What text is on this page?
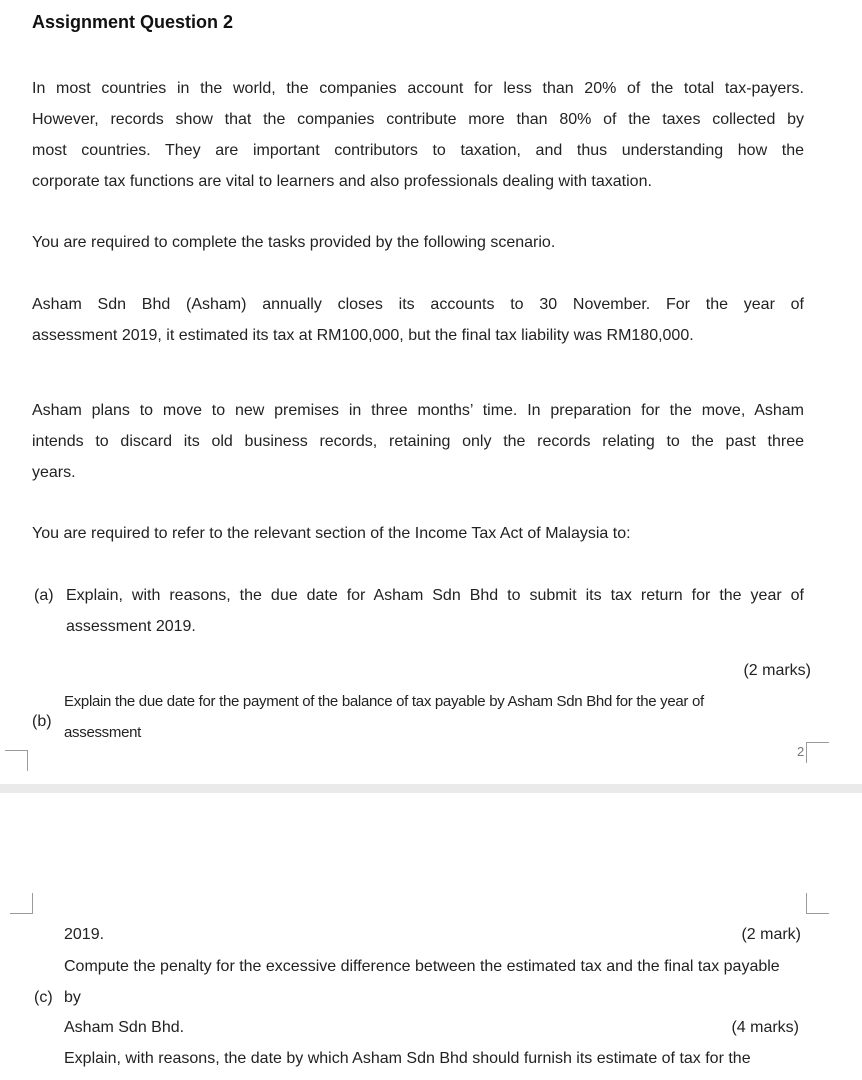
Assignment Question 2
In most countries in the world, the companies account for less than 20% of the total tax-payers.
However, records show that the companies contribute more than 80% of the taxes collected by
most countries. They are important contributors to taxation, and thus understanding how the
corporate tax functions are vital to learners and also professionals dealing with taxation.
You are required to complete the tasks provided by the following scenario.
Asham Sdn Bhd (Asham) annually closes its accounts to 30 November. For the year of
assessment 2019, it estimated its tax at RM100,000, but the final tax liability was RM180,000.
Asham plans to move to new premises in three months’ time. In preparation for the move, Asham
intends to discard its old business records, retaining only the records relating to the past three
years.
You are required to refer to the relevant section of the Income Tax Act of Malaysia to:
(a) Explain, with reasons, the due date for Asham Sdn Bhd to submit its tax return for the year of
assessment 2019.
(2 marks)
Explain the due date for the payment of the balance of tax payable by Asham Sdn Bhd for the year of
(b)
assessment
2
2019.	(2 mark)
Compute the penalty for the excessive difference between the estimated tax and the final tax payable
(c) by
Asham Sdn Bhd.	(4 marks)
Explain, with reasons, the date by which Asham Sdn Bhd should furnish its estimate of tax for the
